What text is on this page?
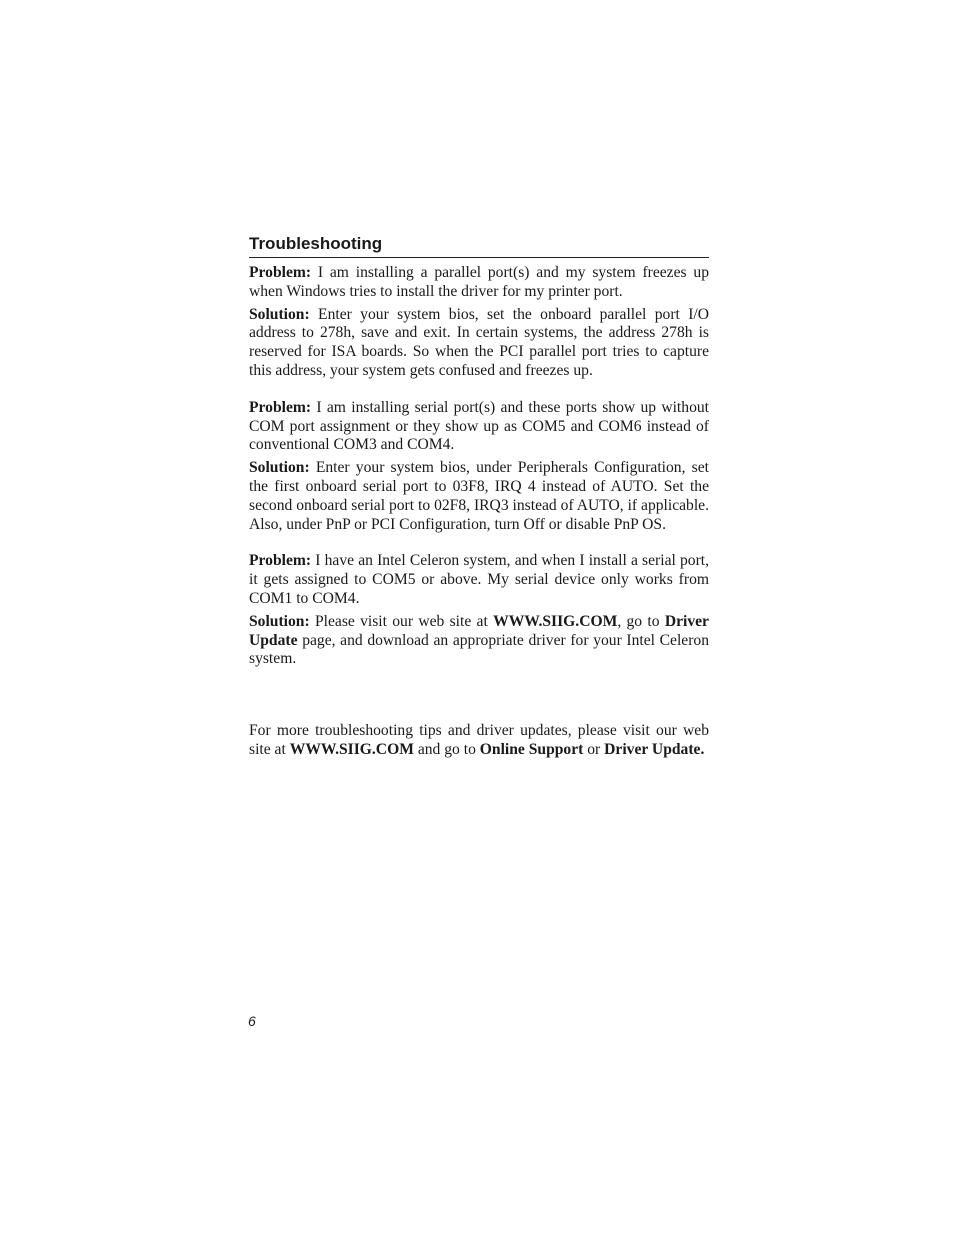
Troubleshooting

Problem: I am installing a parallel port(s) and my system freezes up when Windows tries to install the driver for my printer port.

Solution: Enter your system bios, set the onboard parallel port I/O address to 278h, save and exit. In certain systems, the address 278h is reserved for ISA boards. So when the PCI parallel port tries to capture this address, your system gets confused and freezes up.

Problem: I am installing serial port(s) and these ports show up without COM port assignment or they show up as COM5 and COM6 instead of conventional COM3 and COM4.

Solution: Enter your system bios, under Peripherals Configuration, set the first onboard serial port to 03F8, IRQ 4 instead of AUTO. Set the second onboard serial port to 02F8, IRQ3 instead of AUTO, if applicable. Also, under PnP or PCI Configuration, turn Off or disable PnP OS.

Problem: I have an Intel Celeron system, and when I install a serial port, it gets assigned to COM5 or above. My serial device only works from COM1 to COM4.

Solution: Please visit our web site at WWW.SIIG.COM, go to Driver Update page, and download an appropriate driver for your Intel Celeron system.

For more troubleshooting tips and driver updates, please visit our web site at WWW.SIIG.COM and go to Online Support or Driver Update.

6
